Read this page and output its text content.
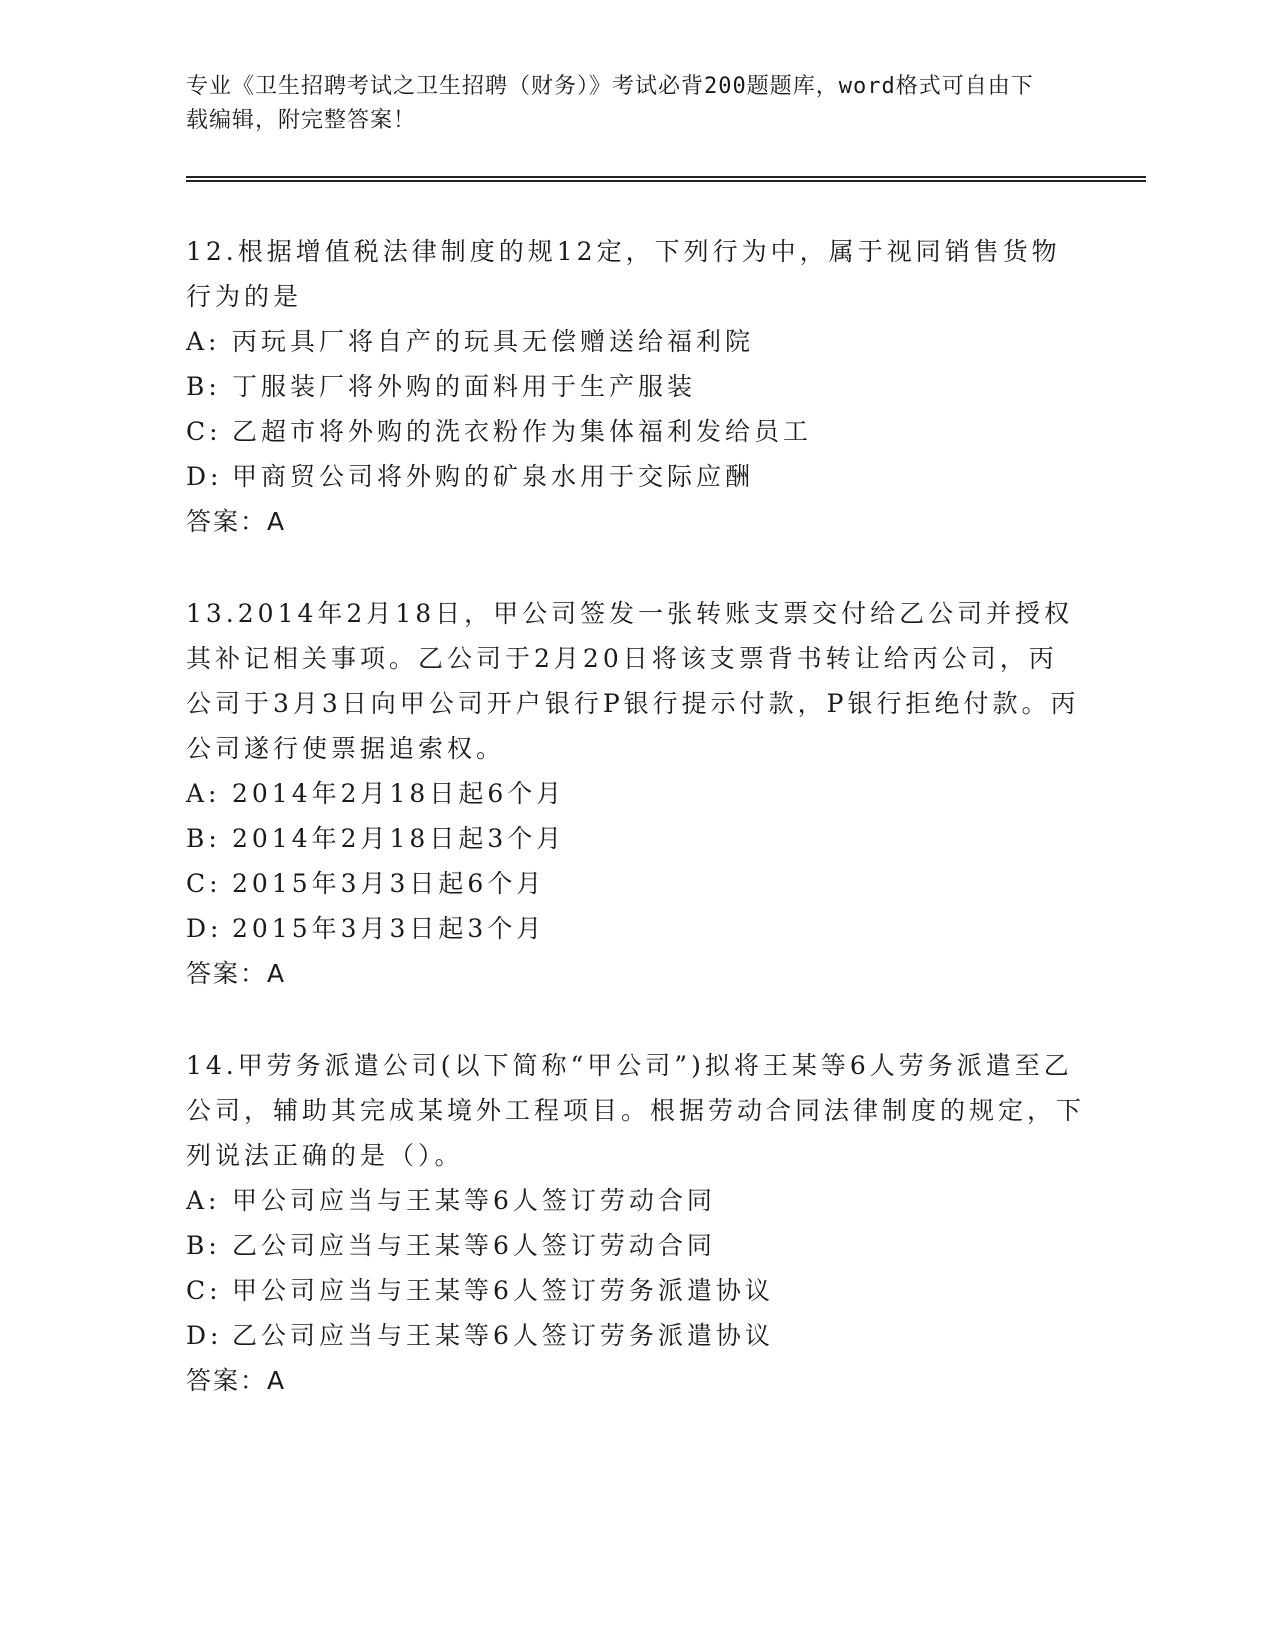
专业《卫生招聘考试之卫生招聘（财务）》考试必背200题题库，word格式可自由下载编辑，附完整答案！

12.根据增值税法律制度的规12定，下列行为中，属于视同销售货物行为的是

A: 丙玩具厂将自产的玩具无偿赠送给福利院

B: 丁服装厂将外购的面料用于生产服装

C: 乙超市将外购的洗衣粉作为集体福利发给员工

D: 甲商贸公司将外购的矿泉水用于交际应酬

答案：A

13.2014年2月18日，甲公司签发一张转账支票交付给乙公司并授权其补记相关事项。乙公司于2月20日将该支票背书转让给丙公司，丙公司于3月3日向甲公司开户银行P银行提示付款，P银行拒绝付款。丙公司遂行使票据追索权。

A: 2014年2月18日起6个月

B: 2014年2月18日起3个月

C: 2015年3月3日起6个月

D: 2015年3月3日起3个月

答案：A

14.甲劳务派遣公司(以下简称“甲公司”)拟将王某等6人劳务派遣至乙公司，辅助其完成某境外工程项目。根据劳动合同法律制度的规定，下列说法正确的是（）。

A: 甲公司应当与王某等6人签订劳动合同

B: 乙公司应当与王某等6人签订劳动合同

C: 甲公司应当与王某等6人签订劳务派遣协议

D: 乙公司应当与王某等6人签订劳务派遣协议

答案：A
